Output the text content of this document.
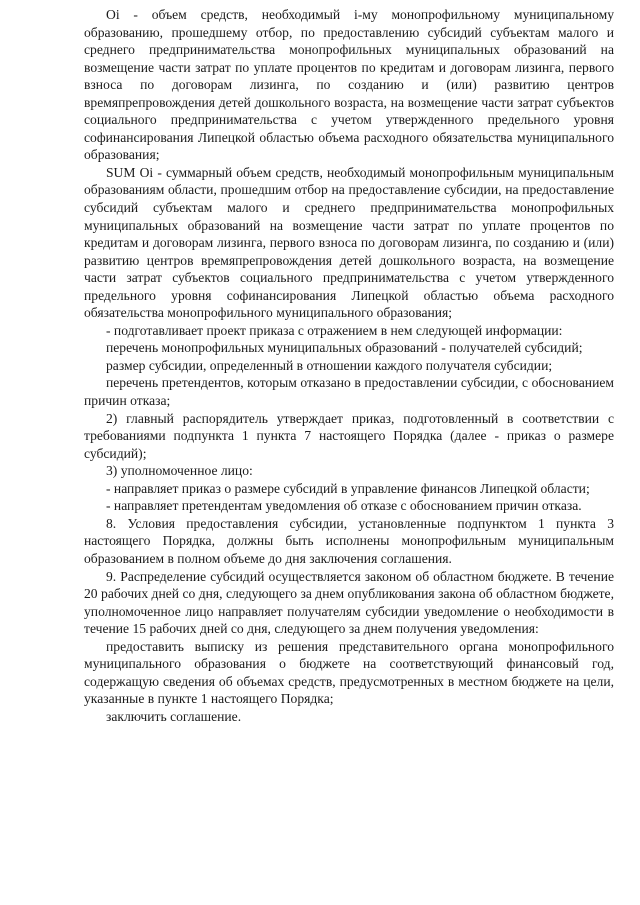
Oi - объем средств, необходимый i-му монопрофильному муниципальному образованию, прошедшему отбор, по предоставлению субсидий субъектам малого и среднего предпринимательства монопрофильных муниципальных образований на возмещение части затрат по уплате процентов по кредитам и договорам лизинга, первого взноса по договорам лизинга, по созданию и (или) развитию центров времяпрепровождения детей дошкольного возраста, на возмещение части затрат субъектов социального предпринимательства с учетом утвержденного предельного уровня софинансирования Липецкой областью объема расходного обязательства муниципального образования;

SUM Oi - суммарный объем средств, необходимый монопрофильным муниципальным образованиям области, прошедшим отбор на предоставление субсидии, на предоставление субсидий субъектам малого и среднего предпринимательства монопрофильных муниципальных образований на возмещение части затрат по уплате процентов по кредитам и договорам лизинга, первого взноса по договорам лизинга, по созданию и (или) развитию центров времяпрепровождения детей дошкольного возраста, на возмещение части затрат субъектов социального предпринимательства с учетом утвержденного предельного уровня софинансирования Липецкой областью объема расходного обязательства монопрофильного муниципального образования;

- подготавливает проект приказа с отражением в нем следующей информации:

перечень монопрофильных муниципальных образований - получателей субсидий;

размер субсидии, определенный в отношении каждого получателя субсидии;

перечень претендентов, которым отказано в предоставлении субсидии, с обоснованием причин отказа;

2) главный распорядитель утверждает приказ, подготовленный в соответствии с требованиями подпункта 1 пункта 7 настоящего Порядка (далее - приказ о размере субсидий);

3) уполномоченное лицо:

- направляет приказ о размере субсидий в управление финансов Липецкой области;

- направляет претендентам уведомления об отказе с обоснованием причин отказа.

8. Условия предоставления субсидии, установленные подпунктом 1 пункта 3 настоящего Порядка, должны быть исполнены монопрофильным муниципальным образованием в полном объеме до дня заключения соглашения.

9. Распределение субсидий осуществляется законом об областном бюджете. В течение 20 рабочих дней со дня, следующего за днем опубликования закона об областном бюджете, уполномоченное лицо направляет получателям субсидии уведомление о необходимости в течение 15 рабочих дней со дня, следующего за днем получения уведомления:

предоставить выписку из решения представительного органа монопрофильного муниципального образования о бюджете на соответствующий финансовый год, содержащую сведения об объемах средств, предусмотренных в местном бюджете на цели, указанные в пункте 1 настоящего Порядка;

заключить соглашение.
